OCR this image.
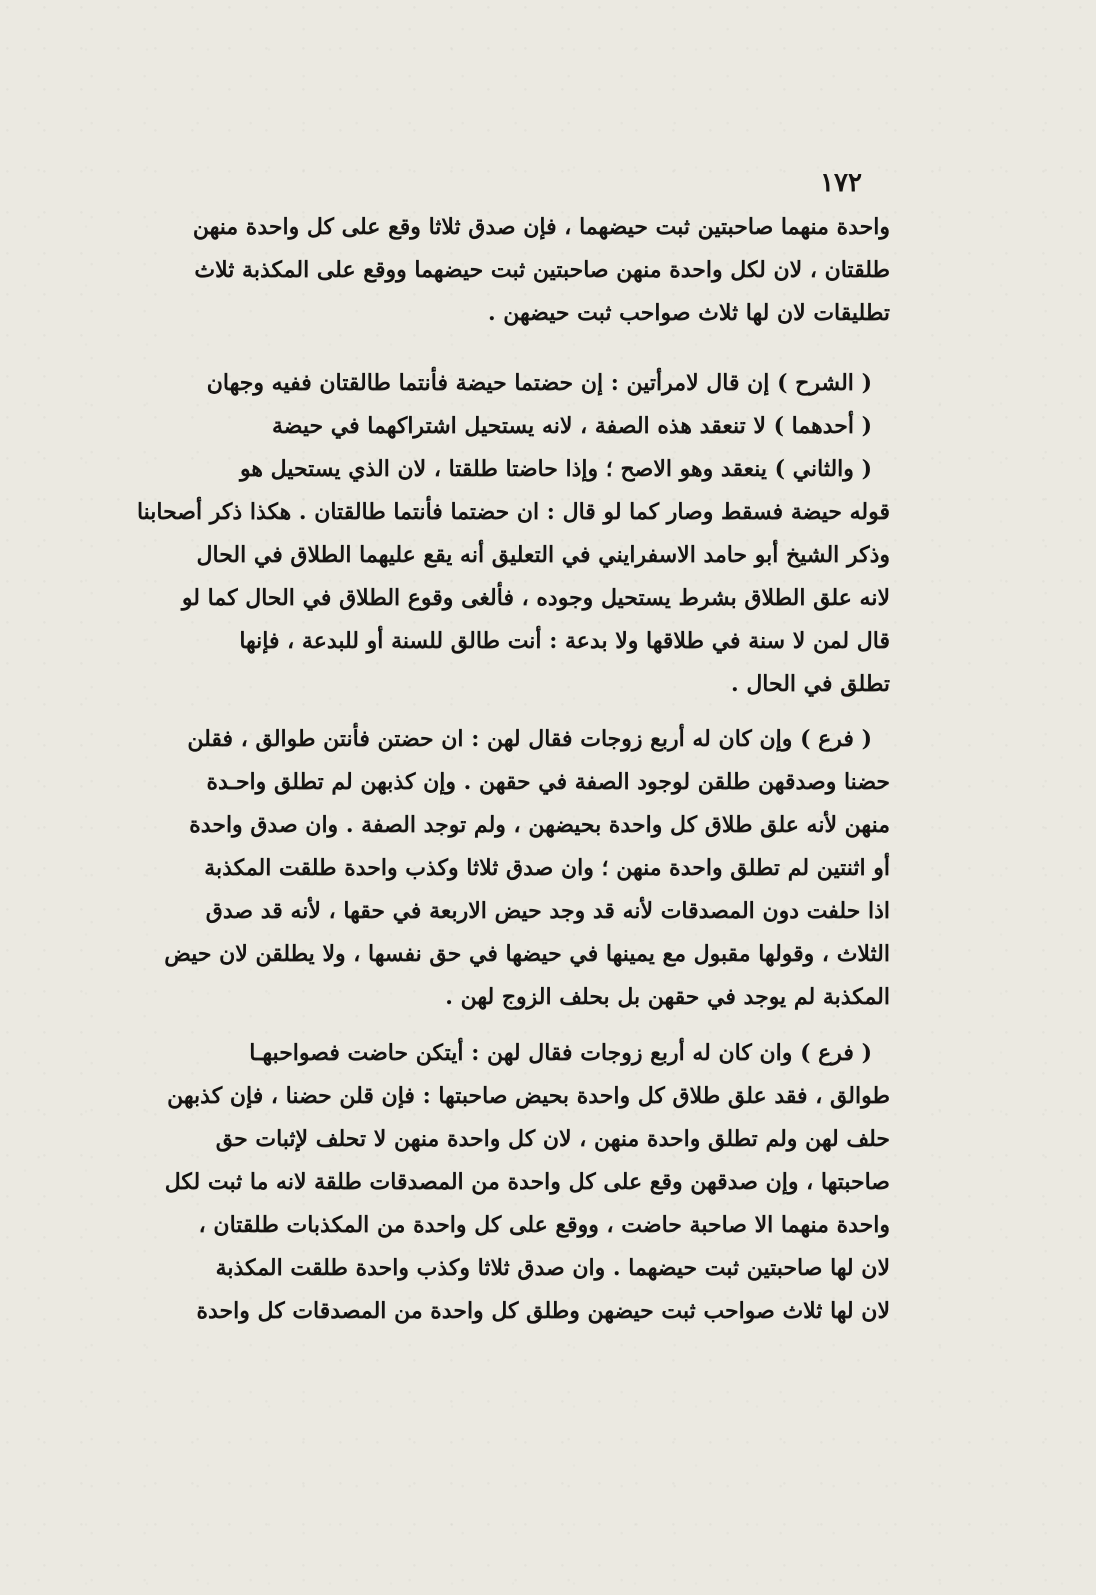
١٧٢

واحدة منهما صاحبتين ثبت حيضهما ، فإن صدق ثلاثا وقع على كل واحدة منهن
طلقتان ، لان لكل واحدة منهن صاحبتين ثبت حيضهما ووقع على المكذبة ثلاث
تطليقات لان لها ثلاث صواحب ثبت حيضهن .

( الشرح ) إن قال لامرأتين : إن حضتما حيضة فأنتما طالقتان ففيه وجهان
( أحدهما ) لا تنعقد هذه الصفة ، لانه يستحيل اشتراكهما في حيضة
( والثاني ) ينعقد وهو الاصح ؛ وإذا حاضتا طلقتا ، لان الذي يستحيل هو
قوله حيضة فسقط وصار كما لو قال : ان حضتما فأنتما طالقتان . هكذا ذكر أصحابنا
وذكر الشيخ أبو حامد الاسفرايني في التعليق أنه يقع عليهما الطلاق في الحال
لانه علق الطلاق بشرط يستحيل وجوده ، فألغى وقوع الطلاق في الحال كما لو
قال لمن لا سنة في طلاقها ولا بدعة : أنت طالق للسنة أو للبدعة ، فإنها
تطلق في الحال .

( فرع ) وإن كان له أربع زوجات فقال لهن : ان حضتن فأنتن طوالق ، فقلن
حضنا وصدقهن طلقن لوجود الصفة في حقهن . وإن كذبهن لم تطلق واحـدة
منهن لأنه علق طلاق كل واحدة بحيضهن ، ولم توجد الصفة . وان صدق واحدة
أو اثنتين لم تطلق واحدة منهن ؛ وان صدق ثلاثا وكذب واحدة طلقت المكذبة
اذا حلفت دون المصدقات لأنه قد وجد حيض الاربعة في حقها ، لأنه قد صدق
الثلاث ، وقولها مقبول مع يمينها في حيضها في حق نفسها ، ولا يطلقن لان حيض
المكذبة لم يوجد في حقهن بل بحلف الزوج لهن .

( فرع ) وان كان له أربع زوجات فقال لهن : أيتكن حاضت فصواحبهـا
طوالق ، فقد علق طلاق كل واحدة بحيض صاحبتها : فإن قلن حضنا ، فإن كذبهن
حلف لهن ولم تطلق واحدة منهن ، لان كل واحدة منهن لا تحلف لإثبات حق
صاحبتها ، وإن صدقهن وقع على كل واحدة من المصدقات طلقة لانه ما ثبت لكل
واحدة منهما الا صاحبة حاضت ، ووقع على كل واحدة من المكذبات طلقتان ،
لان لها صاحبتين ثبت حيضهما . وان صدق ثلاثا وكذب واحدة طلقت المكذبة
لان لها ثلاث صواحب ثبت حيضهن وطلق كل واحدة من المصدقات كل واحدة
